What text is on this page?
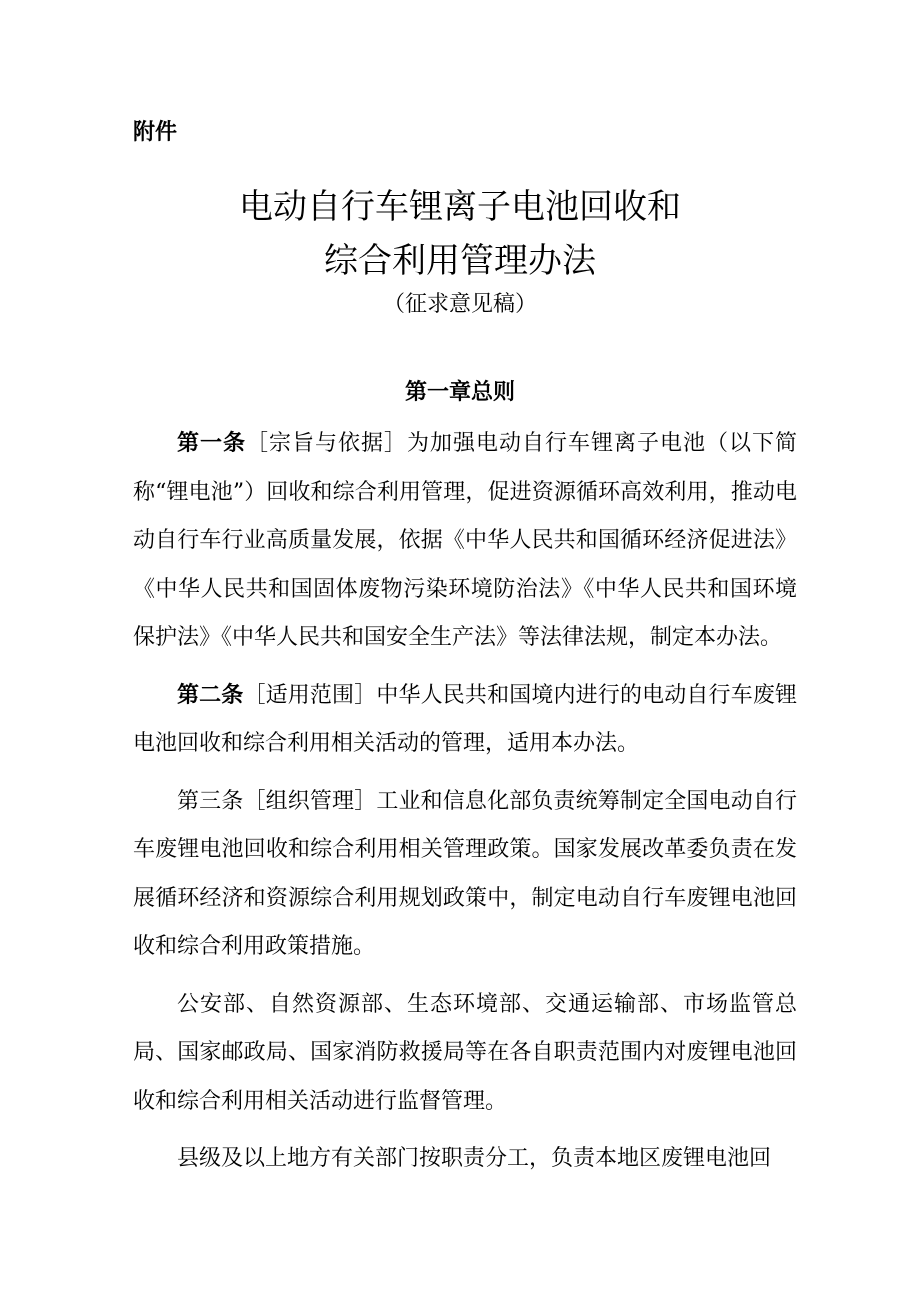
附件

电动自行车锂离子电池回收和
综合利用管理办法

（征求意见稿）

第一章总则

第一条［宗旨与依据］为加强电动自行车锂离子电池（以下简称“锂电池”）回收和综合利用管理，促进资源循环高效利用，推动电动自行车行业高质量发展，依据《中华人民共和国循环经济促进法》《中华人民共和国固体废物污染环境防治法》《中华人民共和国环境保护法》《中华人民共和国安全生产法》等法律法规，制定本办法。

第二条［适用范围］中华人民共和国境内进行的电动自行车废锂电池回收和综合利用相关活动的管理，适用本办法。

第三条［组织管理］工业和信息化部负责统筹制定全国电动自行车废锂电池回收和综合利用相关管理政策。国家发展改革委负责在发展循环经济和资源综合利用规划政策中，制定电动自行车废锂电池回收和综合利用政策措施。

公安部、自然资源部、生态环境部、交通运输部、市场监管总局、国家邮政局、国家消防救援局等在各自职责范围内对废锂电池回收和综合利用相关活动进行监督管理。

县级及以上地方有关部门按职责分工，负责本地区废锂电池回
